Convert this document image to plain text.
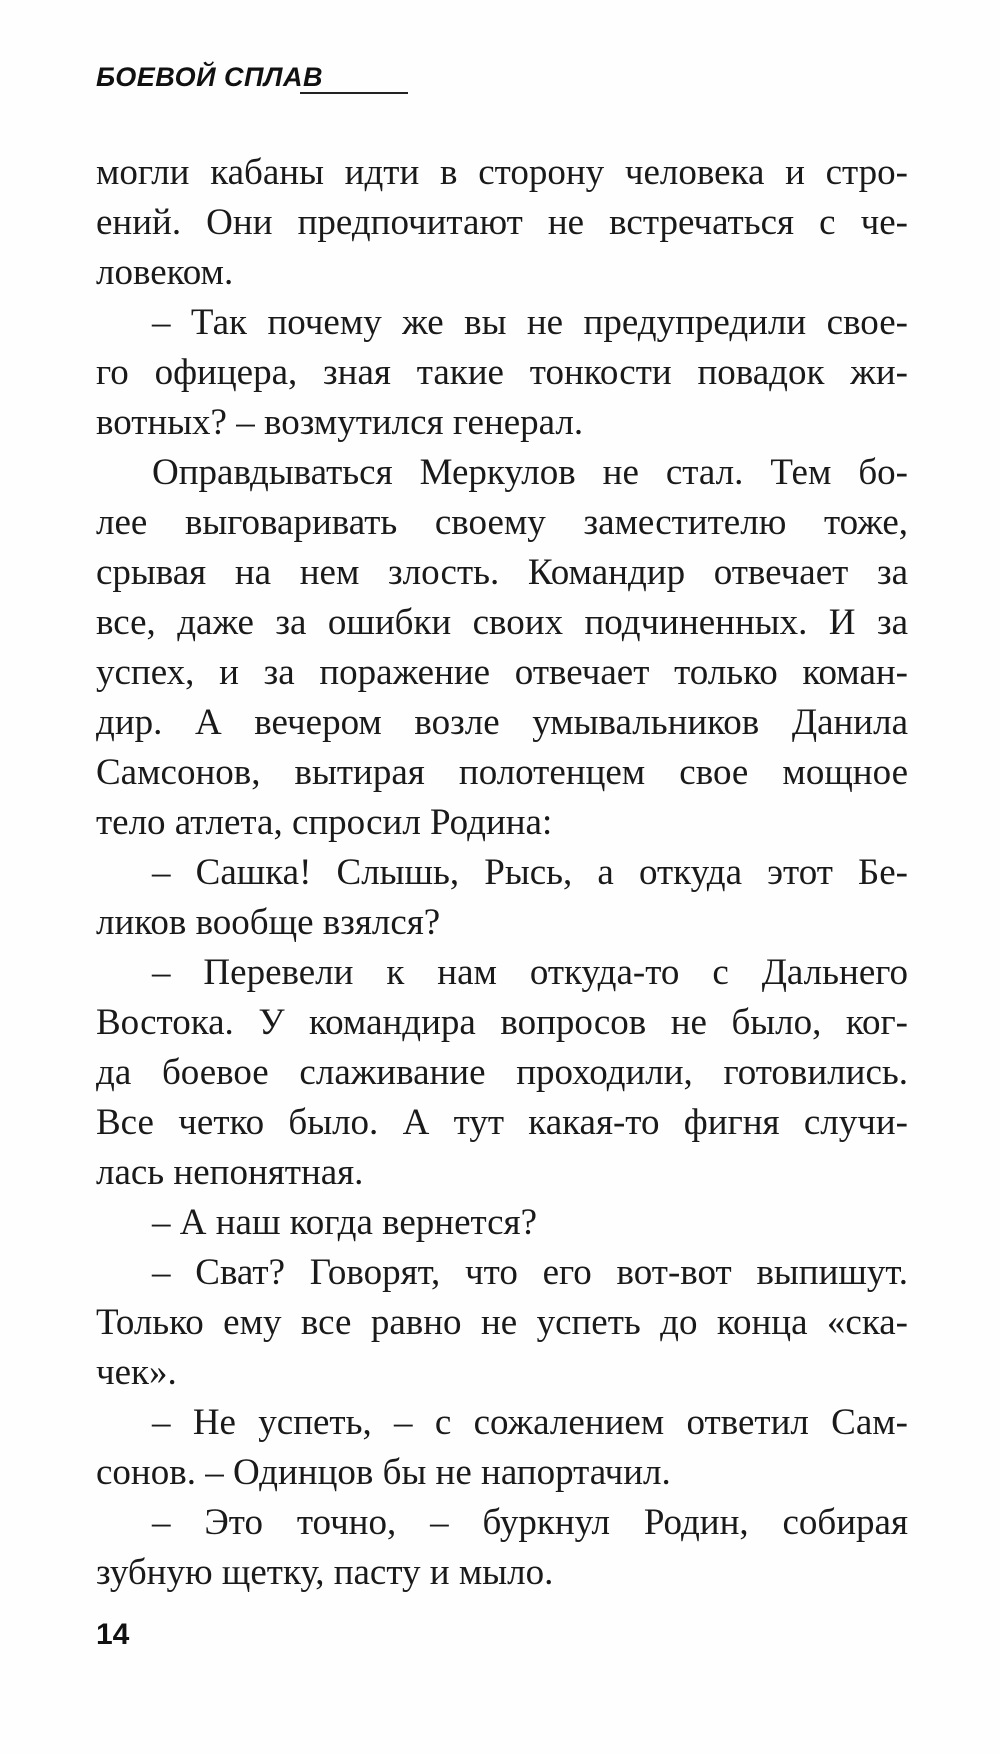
БОЕВОЙ СПЛАВ
могли кабаны идти в сторону человека и стро-
ений. Они предпочитают не встречаться с че-
ловеком.
– Так почему же вы не предупредили свое-
го офицера, зная такие тонкости повадок жи-
вотных? – возмутился генерал.
Оправдываться Меркулов не стал. Тем бо-
лее выговаривать своему заместителю тоже,
срывая на нем злость. Командир отвечает за
все, даже за ошибки своих подчиненных. И за
успех, и за поражение отвечает только коман-
дир. А вечером возле умывальников Данила
Самсонов, вытирая полотенцем свое мощное
тело атлета, спросил Родина:
– Сашка! Слышь, Рысь, а откуда этот Бе-
ликов вообще взялся?
– Перевели к нам откуда-то с Дальнего
Востока. У командира вопросов не было, ког-
да боевое слаживание проходили, готовились.
Все четко было. А тут какая-то фигня случи-
лась непонятная.
– А наш когда вернется?
– Сват? Говорят, что его вот-вот выпишут.
Только ему все равно не успеть до конца «ска-
чек».
– Не успеть, – с сожалением ответил Сам-
сонов. – Одинцов бы не напортачил.
– Это точно, – буркнул Родин, собирая
зубную щетку, пасту и мыло.
14
